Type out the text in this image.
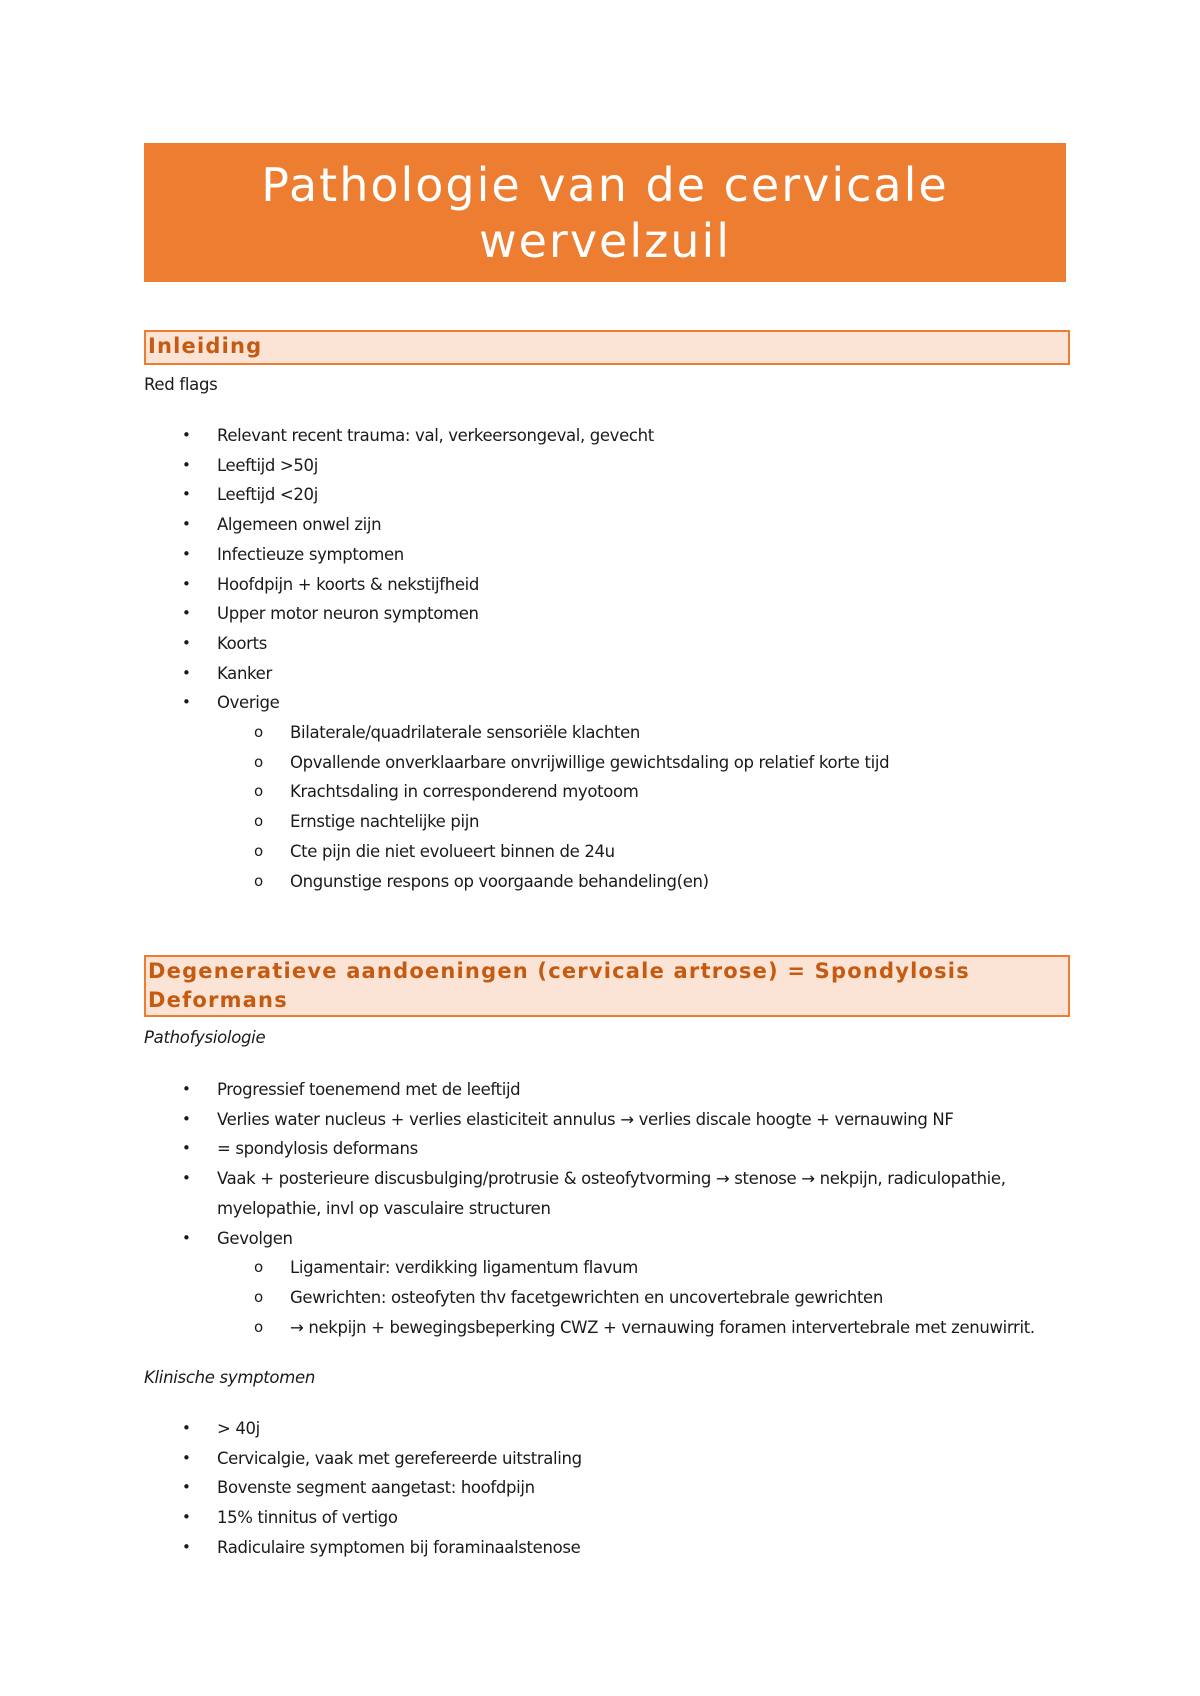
Pathologie van de cervicale
wervelzuil
Inleiding
Red flags
• Relevant recent trauma: val, verkeersongeval, gevecht
• Leeftijd >50j
• Leeftijd <20j
• Algemeen onwel zijn
• Infectieuze symptomen
• Hoofdpijn + koorts & nekstijfheid
• Upper motor neuron symptomen
• Koorts
• Kanker
• Overige
o Bilaterale/quadrilaterale sensoriële klachten
o Opvallende onverklaarbare onvrijwillige gewichtsdaling op relatief korte tijd
o Krachtsdaling in corresponderend myotoom
o Ernstige nachtelijke pijn
o Cte pijn die niet evolueert binnen de 24u
o Ongunstige respons op voorgaande behandeling(en)
Degeneratieve aandoeningen (cervicale artrose) = Spondylosis
Deformans
Pathofysiologie
• Progressief toenemend met de leeftijd
• Verlies water nucleus + verlies elasticiteit annulus → verlies discale hoogte + vernauwing NF
• = spondylosis deformans
• Vaak + posterieure discusbulging/protrusie & osteofytvorming → stenose → nekpijn, radiculopathie,
myelopathie, invl op vasculaire structuren
• Gevolgen
o Ligamentair: verdikking ligamentum flavum
o Gewrichten: osteofyten thv facetgewrichten en uncovertebrale gewrichten
o → nekpijn + bewegingsbeperking CWZ + vernauwing foramen intervertebrale met zenuwirrit.
Klinische symptomen
• > 40j
• Cervicalgie, vaak met gerefereerde uitstraling
• Bovenste segment aangetast: hoofdpijn
• 15% tinnitus of vertigo
• Radiculaire symptomen bij foraminaalstenose
